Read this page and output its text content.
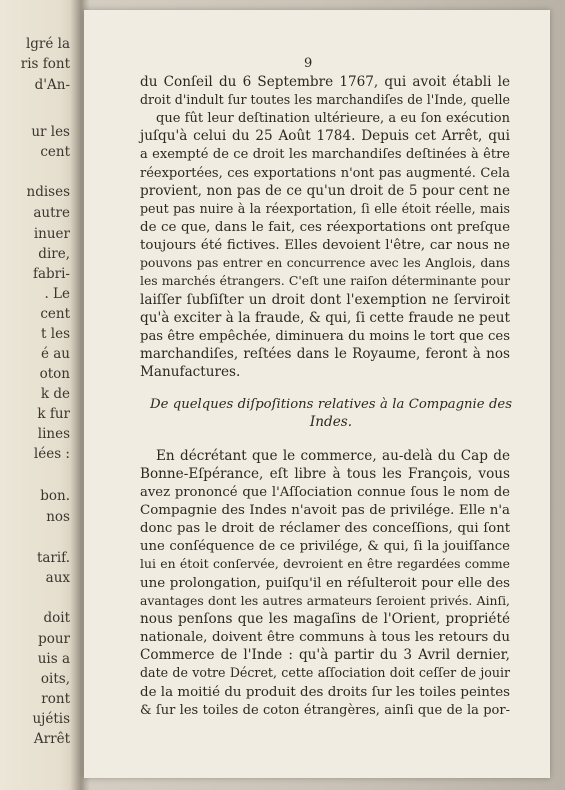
lgré la
ris font
d'An-
ur les
cent
ndises
autre
inuer
dire,
fabri-
. Le
cent
t les
é au
oton
k de
k fur
lines
lées :
bon.
nos
tarif.
aux
doit
pour
uis a
oits,
ront
ujétis
Arrêt
9
du Conſeil du 6 Septembre 1767, qui avoit établi le
droit d'indult ſur toutes les marchandiſes de l'Inde, quelle
que fût leur deſtination ultérieure, a eu ſon exécution
juſqu'à celui du 25 Août 1784. Depuis cet Arrêt, qui
a exempté de ce droit les marchandiſes deſtinées à être
réexportées, ces exportations n'ont pas augmenté. Cela
provient, non pas de ce qu'un droit de 5 pour cent ne
peut pas nuire à la réexportation, ſi elle étoit réelle, mais
de ce que, dans le fait, ces réexportations ont preſque
toujours été fictives. Elles devoient l'être, car nous ne
pouvons pas entrer en concurrence avec les Anglois, dans
les marchés étrangers. C'eſt une raiſon déterminante pour
laiſſer ſubſiſter un droit dont l'exemption ne ſerviroit
qu'à exciter à la fraude, & qui, ſi cette fraude ne peut
pas être empêchée, diminuera du moins le tort que ces
marchandiſes, reſtées dans le Royaume, feront à nos
Manufactures.
De quelques diſpoſitions relatives à la Compagnie des
Indes.
En décrétant que le commerce, au-delà du Cap de
Bonne-Eſpérance, eſt libre à tous les François, vous
avez prononcé que l'Aſſociation connue ſous le nom de
Compagnie des Indes n'avoit pas de privilége. Elle n'a
donc pas le droit de réclamer des conceſſions, qui ſont
une conſéquence de ce privilége, & qui, ſi la jouiſſance
lui en étoit conſervée, devroient en être regardées comme
une prolongation, puiſqu'il en réſulteroit pour elle des
avantages dont les autres armateurs ſeroient privés. Ainſi,
nous penſons que les magaſins de l'Orient, propriété
nationale, doivent être communs à tous les retours du
Commerce de l'Inde : qu'à partir du 3 Avril dernier,
date de votre Décret, cette aſſociation doit ceſſer de jouir
de la moitié du produit des droits ſur les toiles peintes
& ſur les toiles de coton étrangères, ainſi que de la por-
